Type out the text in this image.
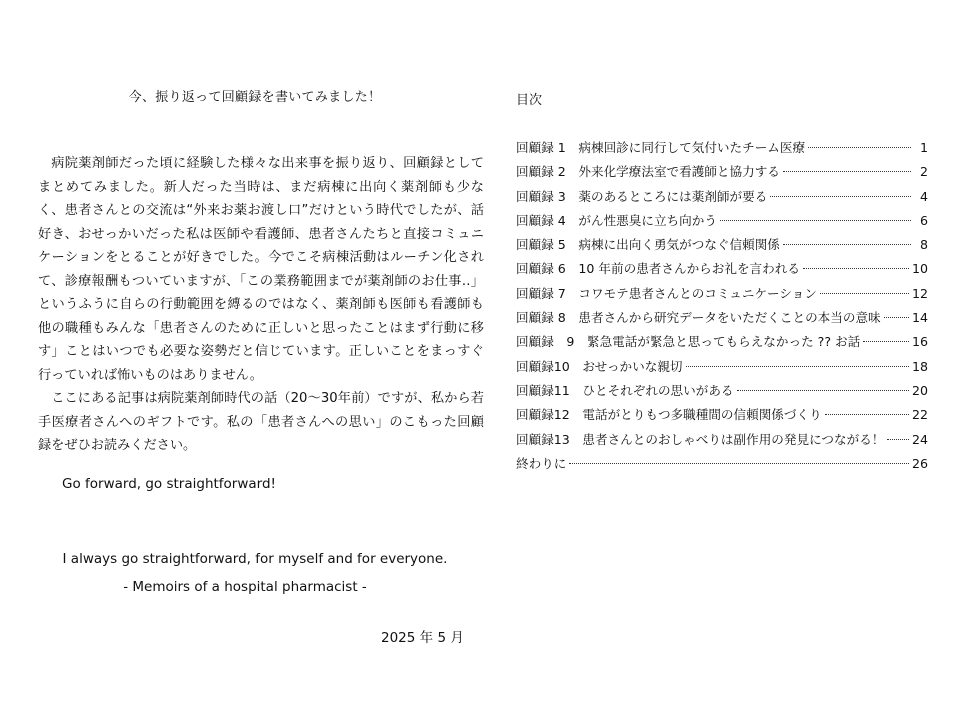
今、振り返って回顧録を書いてみました！

病院薬剤師だった頃に経験した様々な出来事を振り返り、回顧録としてまとめてみました。新人だった当時は、まだ病棟に出向く薬剤師も少なく、患者さんとの交流は“外来お薬お渡し口”だけという時代でしたが、話好き、おせっかいだった私は医師や看護師、患者さんたちと直接コミュニケーションをとることが好きでした。今でこそ病棟活動はルーチン化されて、診療報酬もついていますが、「この業務範囲までが薬剤師のお仕事‥」というふうに自らの行動範囲を縛るのではなく、薬剤師も医師も看護師も他の職種もみんな「患者さんのために正しいと思ったことはまず行動に移す」ことはいつでも必要な姿勢だと信じています。正しいことをまっすぐ行っていれば怖いものはありません。

ここにある記事は病院薬剤師時代の話（20～30年前）ですが、私から若手医療者さんへのギフトです。私の「患者さんへの思い」のこもった回顧録をぜひお読みください。

Go forward, go straightforward!
I always go straightforward, for myself and for everyone.
- Memoirs of a hospital pharmacist -
2025 年 5 月
目次
回顧録 1　病棟回診に同行して気付いたチーム医療	1
回顧録 2　外来化学療法室で看護師と協力する	2
回顧録 3　薬のあるところには薬剤師が要る	4
回顧録 4　がん性悪臭に立ち向かう	6
回顧録 5　病棟に出向く勇気がつなぐ信頼関係	8
回顧録 6　10 年前の患者さんからお礼を言われる	10
回顧録 7　コワモテ患者さんとのコミュニケーション	12
回顧録 8　患者さんから研究データをいただくことの本当の意味 14
回顧録　9　緊急電話が緊急と思ってもらえなかった ?? お話	16
回顧録10　おせっかいな親切	18
回顧録11　ひとそれぞれの思いがある	20
回顧録12　電話がとりもつ多職種間の信頼関係づくり	22
回顧録13　患者さんとのおしゃべりは副作用の発見につながる！ 24
終わりに	26
